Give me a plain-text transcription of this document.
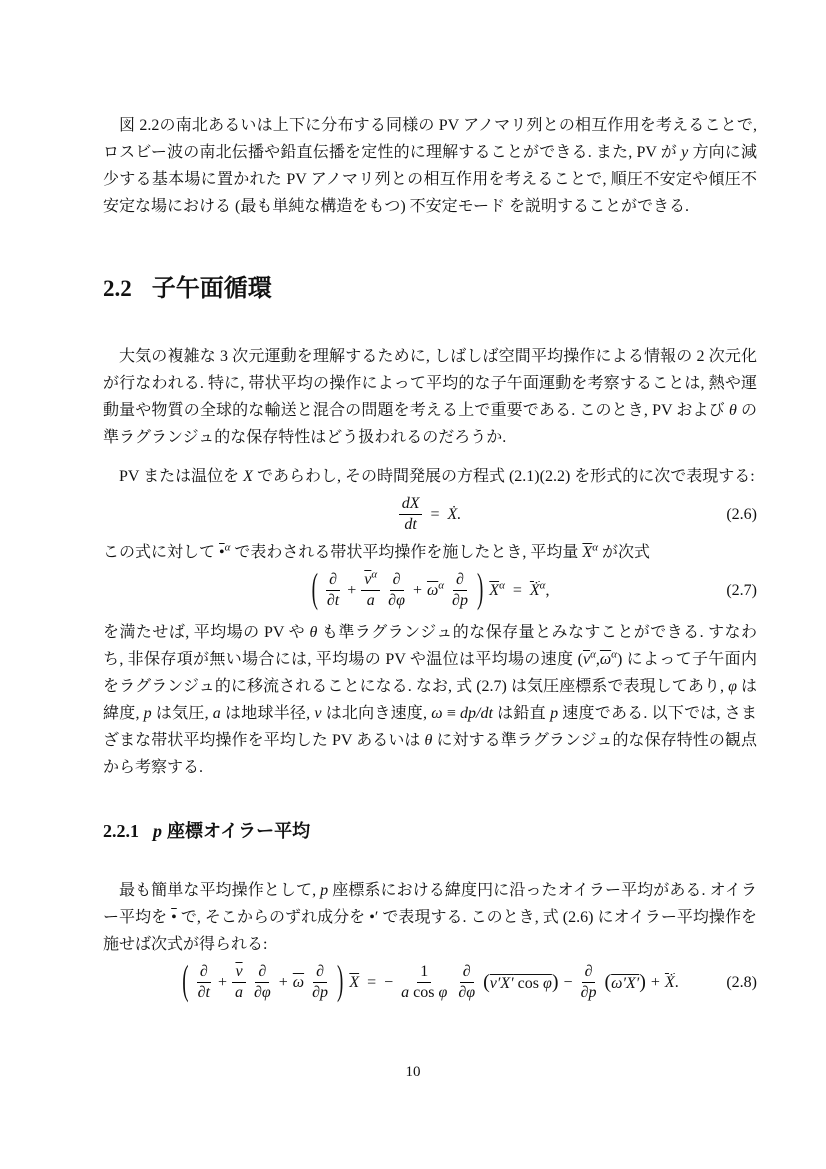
図 2.2の南北あるいは上下に分布する同様の PV アノマリ列との相互作用を考えることで, ロスビー波の南北伝播や鉛直伝播を定性的に理解することができる. また, PV が y 方向に減少する基本場に置かれた PV アノマリ列との相互作用を考えることで, 順圧不安定や傾圧不安定な場における (最も単純な構造をもつ) 不安定モード を説明することができる.

2.2 子午面循環

大気の複雑な 3 次元運動を理解するために, しばしば空間平均操作による情報の 2 次元化が行なわれる. 特に, 帯状平均の操作によって平均的な子午面運動を考察することは, 熱や運動量や物質の全球的な輸送と混合の問題を考える上で重要である. このとき, PV および θ の準ラグランジュ的な保存特性はどう扱われるのだろうか.

PV または温位を X であらわし, その時間発展の方程式 (2.1)(2.2) を形式的に次で表現する:

$\frac{dX}{dt}$ = Ẋ.	(2.6)

この式に対して •$^\alpha$ で表わされる帯状平均操作を施したとき, 平均量 $\overline{X}^\alpha$ が次式

( $\frac{\partial}{\partial t} + \frac{\overline{v}^\alpha}{a} \frac{\partial}{\partial\varphi} + \overline{\omega}^\alpha \frac{\partial}{\partial p}$ ) $\overline{X}^\alpha = \overline{Ẋ}^\alpha$,	(2.7)

を満たせば, 平均場の PV や θ も準ラグランジュ的な保存量とみなすことができる. すなわち, 非保存項が無い場合には, 平均場の PV や温位は平均場の速度 $(\overline{v}^\alpha,\overline{\omega}^\alpha)$ によって子午面内をラグランジュ的に移流されることになる. なお, 式 (2.7) は気圧座標系で表現してあり, φ は緯度, p は気圧, a は地球半径, v は北向き速度, ω ≡ dp/dt は鉛直 p 速度である. 以下では, さまざまな帯状平均操作を平均した PV あるいは θ に対する準ラグランジュ的な保存特性の観点から考察する.

2.2.1 p 座標オイラー平均

最も簡単な平均操作として, p 座標系における緯度円に沿ったオイラー平均がある. オイラー平均を • で, そこからのずれ成分を •′ で表現する. このとき, 式 (2.6) にオイラー平均操作を施せば次式が得られる:

( $\frac{\partial}{\partial t} + \frac{\overline{v}}{a} \frac{\partial}{\partial\varphi} + \overline{\omega} \frac{\partial}{\partial p}$ ) $\overline{X}$ = − $\frac{1}{\text{a cos φ}} \frac{\partial}{\partial\varphi} (v'X'$ $\cos \varphi) - \frac{\partial}{\partial p} (\omega'X') + \overline{Ẋ}$.	(2.8)
10
